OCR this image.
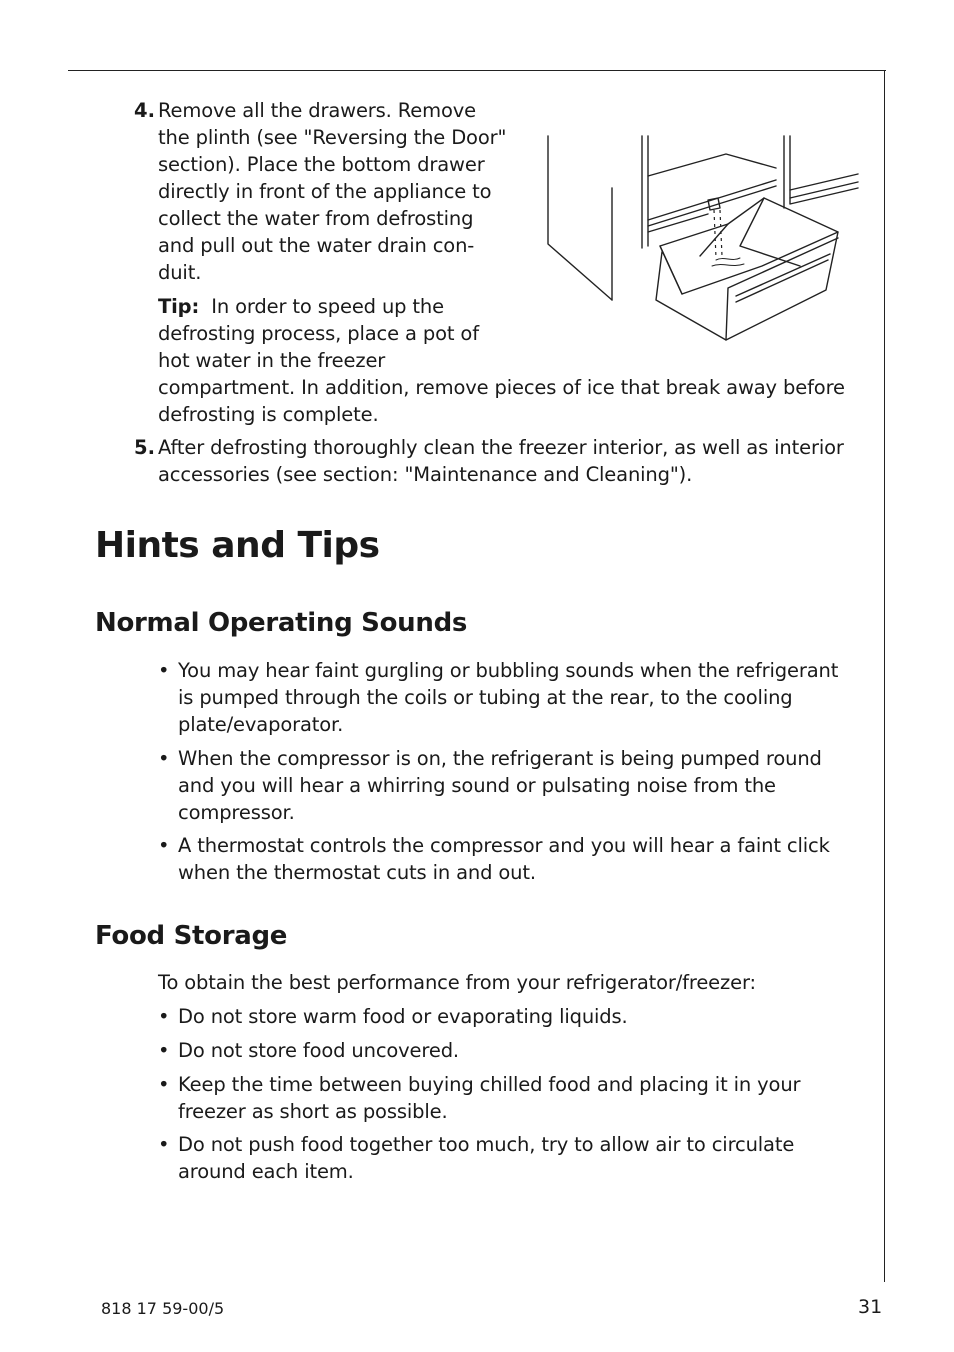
4. Remove all the drawers. Remove
the plinth (see "Reversing the Door"
section). Place the bottom drawer
directly in front of the appliance to
collect the water from defrosting
and pull out the water drain con-
duit.
Tip: In order to speed up the
defrosting process, place a pot of
hot water in the freezer
compartment. In addition, remove pieces of ice that break away before
defrosting is complete.
5. After defrosting thoroughly clean the freezer interior, as well as interior
accessories (see section: "Maintenance and Cleaning").
Hints and Tips
Normal Operating Sounds
• You may hear faint gurgling or bubbling sounds when the refrigerant
is pumped through the coils or tubing at the rear, to the cooling
plate/evaporator.
• When the compressor is on, the refrigerant is being pumped round
and you will hear a whirring sound or pulsating noise from the
compressor.
• A thermostat controls the compressor and you will hear a faint click
when the thermostat cuts in and out.
Food Storage
To obtain the best performance from your refrigerator/freezer:
• Do not store warm food or evaporating liquids.
• Do not store food uncovered.
• Keep the time between buying chilled food and placing it in your
freezer as short as possible.
• Do not push food together too much, try to allow air to circulate
around each item.
818 17 59-00/5	31
